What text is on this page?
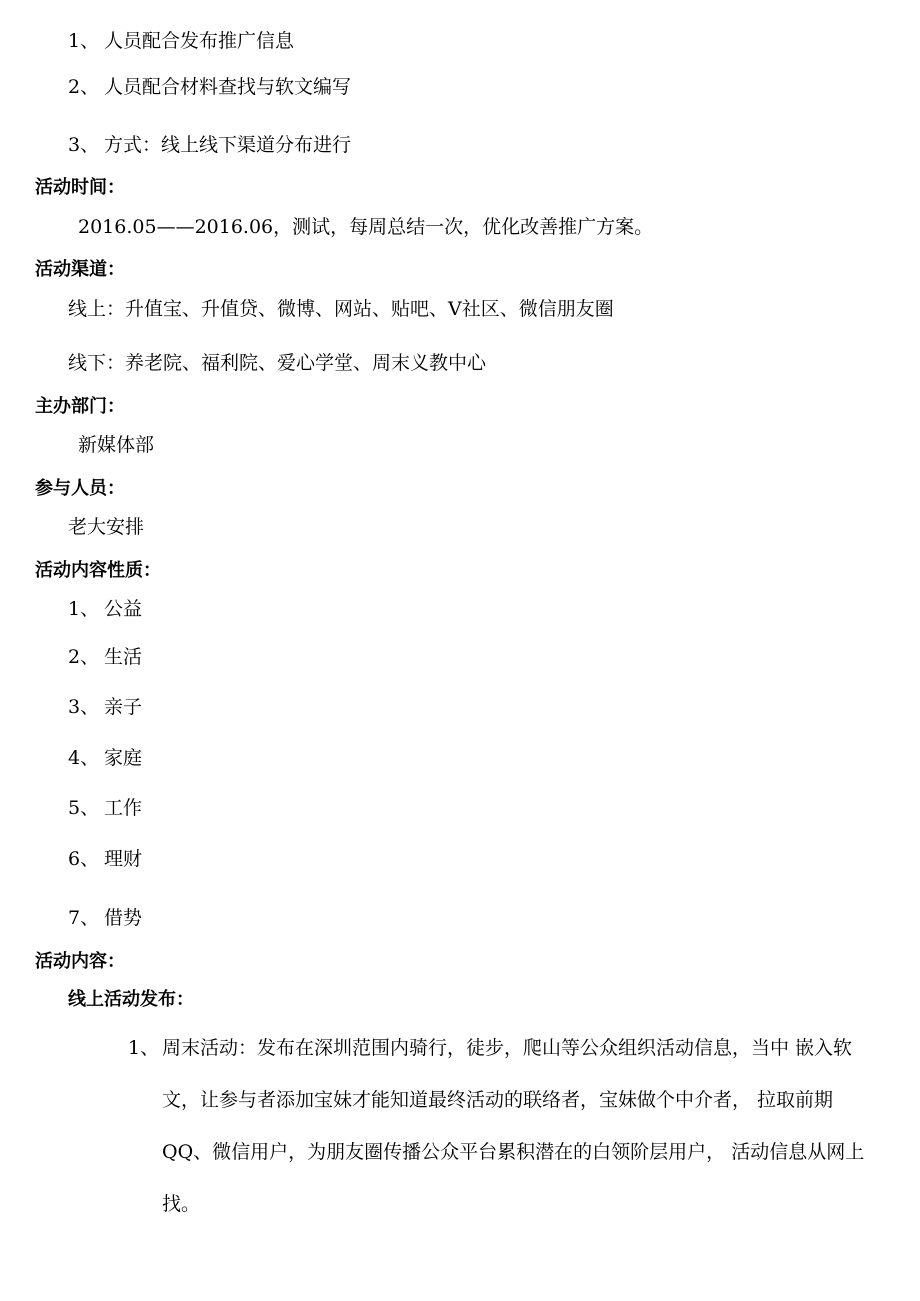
1、 人员配合发布推广信息
2、 人员配合材料查找与软文编写
3、 方式：线上线下渠道分布进行
活动时间：
2016.05——2016.06，测试，每周总结一次，优化改善推广方案。
活动渠道：
线上：升值宝、升值贷、微博、网站、贴吧、V社区、微信朋友圈
线下：养老院、福利院、爱心学堂、周末义教中心
主办部门：
新媒体部
参与人员：
老大安排
活动内容性质：
1、 公益
2、 生活
3、 亲子
4、 家庭
5、 工作
6、 理财
7、 借势
活动内容：
线上活动发布：
1、 周末活动：发布在深圳范围内骑行，徒步，爬山等公众组织活动信息，当中 嵌入软文，让参与者添加宝妹才能知道最终活动的联络者，宝妹做个中介者， 拉取前期QQ、微信用户，为朋友圈传播公众平台累积潜在的白领阶层用户， 活动信息从网上找。
